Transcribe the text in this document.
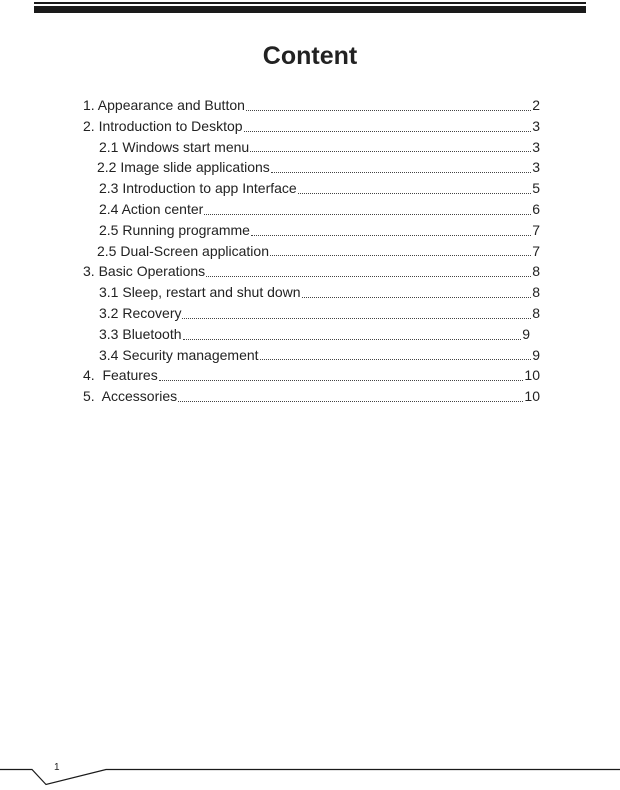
Content
1. Appearance and Button	2
2. Introduction to Desktop	3
2.1 Windows start menu	3
2.2 Image slide applications	3
2.3 Introduction to app Interface	5
2.4 Action center	6
2.5 Running programme	7
2.5 Dual-Screen application	7
3. Basic Operations	8
3.1 Sleep, restart and shut down	8
3.2 Recovery	8
3.3 Bluetooth	9
3.4 Security management	9
4.  Features	10
5.  Accessories	10
1
